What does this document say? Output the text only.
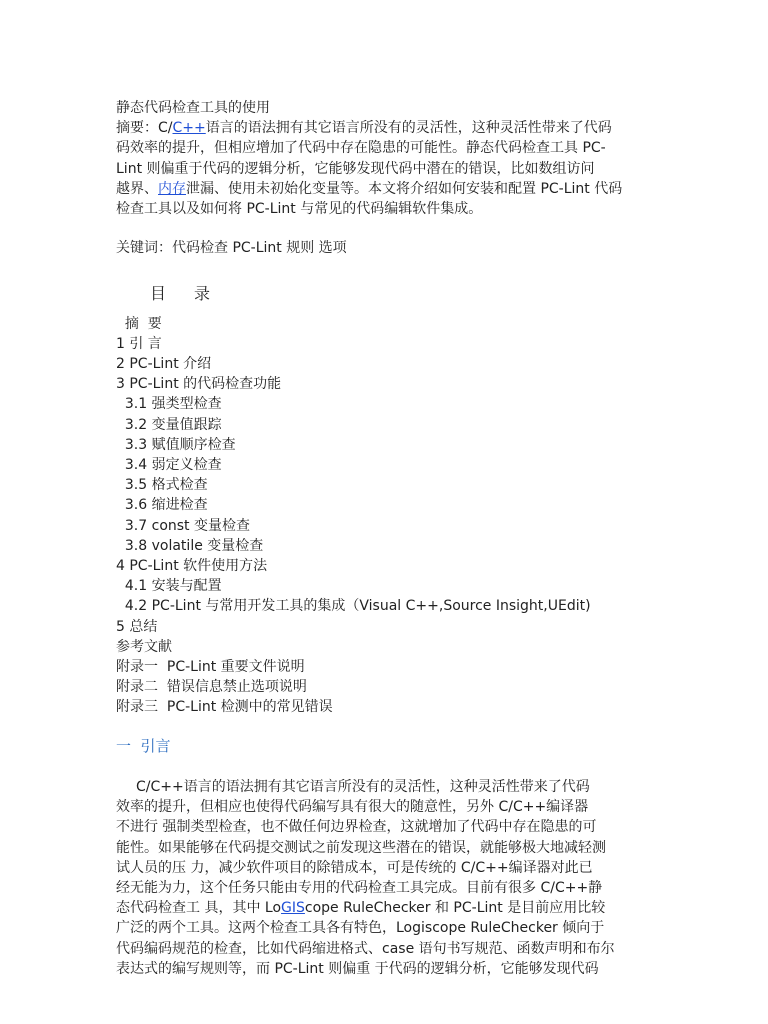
静态代码检查工具的使用
摘要：C/C++语言的语法拥有其它语言所没有的灵活性，这种灵活性带来了代码
码效率的提升，但相应增加了代码中存在隐患的可能性。静态代码检查工具 PC-
Lint 则偏重于代码的逻辑分析，它能够发现代码中潜在的错误，比如数组访问
越界、内存泄漏、使用未初始化变量等。本文将介绍如何安装和配置 PC-Lint 代码
检查工具以及如何将 PC-Lint 与常见的代码编辑软件集成。
关键词：代码检查 PC-Lint 规则 选项
目 录
摘  要
1 引 言
2 PC-Lint 介绍
3 PC-Lint 的代码检查功能
3.1 强类型检查
3.2 变量值跟踪
3.3 赋值顺序检查
3.4 弱定义检查
3.5 格式检查
3.6 缩进检查
3.7 const 变量检查
3.8 volatile 变量检查
4 PC-Lint 软件使用方法
4.1 安装与配置
4.2 PC-Lint 与常用开发工具的集成（Visual C++,Source Insight,UEdit)
5 总结
参考文献
附录一  PC-Lint 重要文件说明
附录二  错误信息禁止选项说明
附录三  PC-Lint 检测中的常见错误
一  引言
C/C++语言的语法拥有其它语言所没有的灵活性，这种灵活性带来了代码
效率的提升，但相应也使得代码编写具有很大的随意性，另外 C/C++编译器
不进行 强制类型检查，也不做任何边界检查，这就增加了代码中存在隐患的可
能性。如果能够在代码提交测试之前发现这些潜在的错误，就能够极大地减轻测
试人员的压 力，减少软件项目的除错成本，可是传统的 C/C++编译器对此已
经无能为力，这个任务只能由专用的代码检查工具完成。目前有很多 C/C++静
态代码检查工 具，其中 LoGIScope RuleChecker 和 PC-Lint 是目前应用比较
广泛的两个工具。这两个检查工具各有特色，Logiscope RuleChecker 倾向于
代码编码规范的检查，比如代码缩进格式、case 语句书写规范、函数声明和布尔
表达式的编写规则等，而 PC-Lint 则偏重 于代码的逻辑分析，它能够发现代码
